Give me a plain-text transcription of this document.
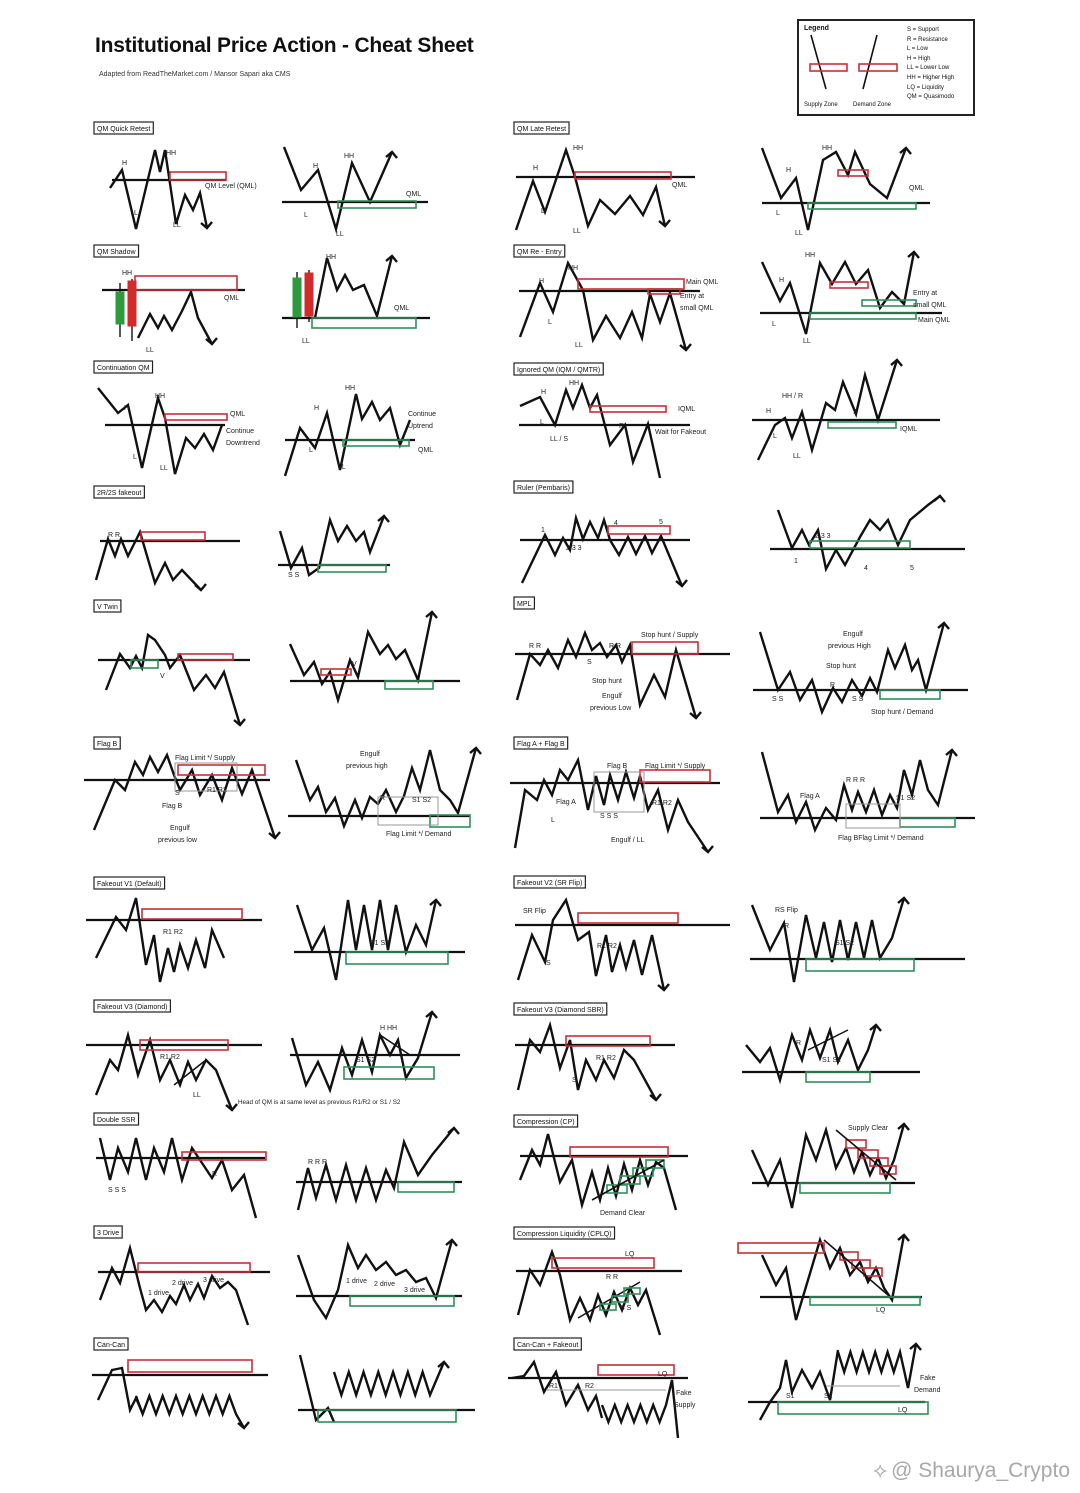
Institutional Price Action - Cheat Sheet
Adapted from ReadTheMarket.com / Mansor Sapari aka CMS
Legend	S = Support
R = Resistance
L = Low
H = High
LL = Lower Low
HH = Higher High
LQ = Liquidity
QM = Quasimodo
Supply Zone	Demand Zone
QM Quick Retest
H
HH
QM Level (QML)
L
LL
H
HH
QML
L
LL
QM Late Retest
H
HH
QML
L
LL
H
HH
QML
L
LL
QM Shadow
HH
QML
LL
HH
QML
LL
QM Re - Entry
HH
H	Main QML
Entry at
small QML
L
LL
HH
H
Entry at
small QML
Main QML
L
LL
Continuation QM
H
HH
QML
Continue
Downtrend
L
LL
H
HH
Continue
Uptrend
QML
L
LL
Ignored QM (IQM / QMTR)
HH
H
IQML
L
LL / S
R
Wait for Fakeout
HH / R
H	S
IQML
L
LL
2R/2S fakeout
R R
S S
Ruler (Pembaris)
1
2 3 3
4	5
1
2 3 3
4	5
V Twin
V
V
MPL
R R
S
R R
Stop hunt / Supply
Stop hunt
Engulf
previous Low
Engulf
previous High
Stop hunt
S S
R
S S
Stop hunt / Demand
Flag B
Flag Limit */ Supply
S	R1 R2
Flag B
Engulf
previous low
Engulf
previous high
R	S1 S2
Flag Limit */ Demand
Flag A + Flag B
Flag B	Flag Limit */ Supply
Flag A
L
S S S
R1 R2
Engulf / LL
R R R
Flag A	S1 S2
Flag BFlag Limit */ Demand
Fakeout V1 (Default)
R1 R2
S1 S2
Fakeout V2 (SR Flip)
SR Flip
S
R1 R2
RS Flip
R
S1 S2
Fakeout V3 (Diamond)
R1 R2
LL
Head of QM is at same level as previous R1/R2 or S1 / S2
H HH
S1 S2
Fakeout V3 (Diamond SBR)
R1 R2
S
R
S1 S2
Double SSR
R
S S S
R R R
Compression (CP)
Demand Clear
Supply Clear
3 Drive
1 drive
2 drive 3 drive	1 drive 2 drive
3 drive
Compression Liquidity (CPLQ)
LQ
R R
S S	LQ
Can-Can	Can-Can + Fakeout
R1	R2
LQ
Fake
Supply
S1	S2
Fake
Demand
LQ
⟡ @ Shaurya_Crypto
